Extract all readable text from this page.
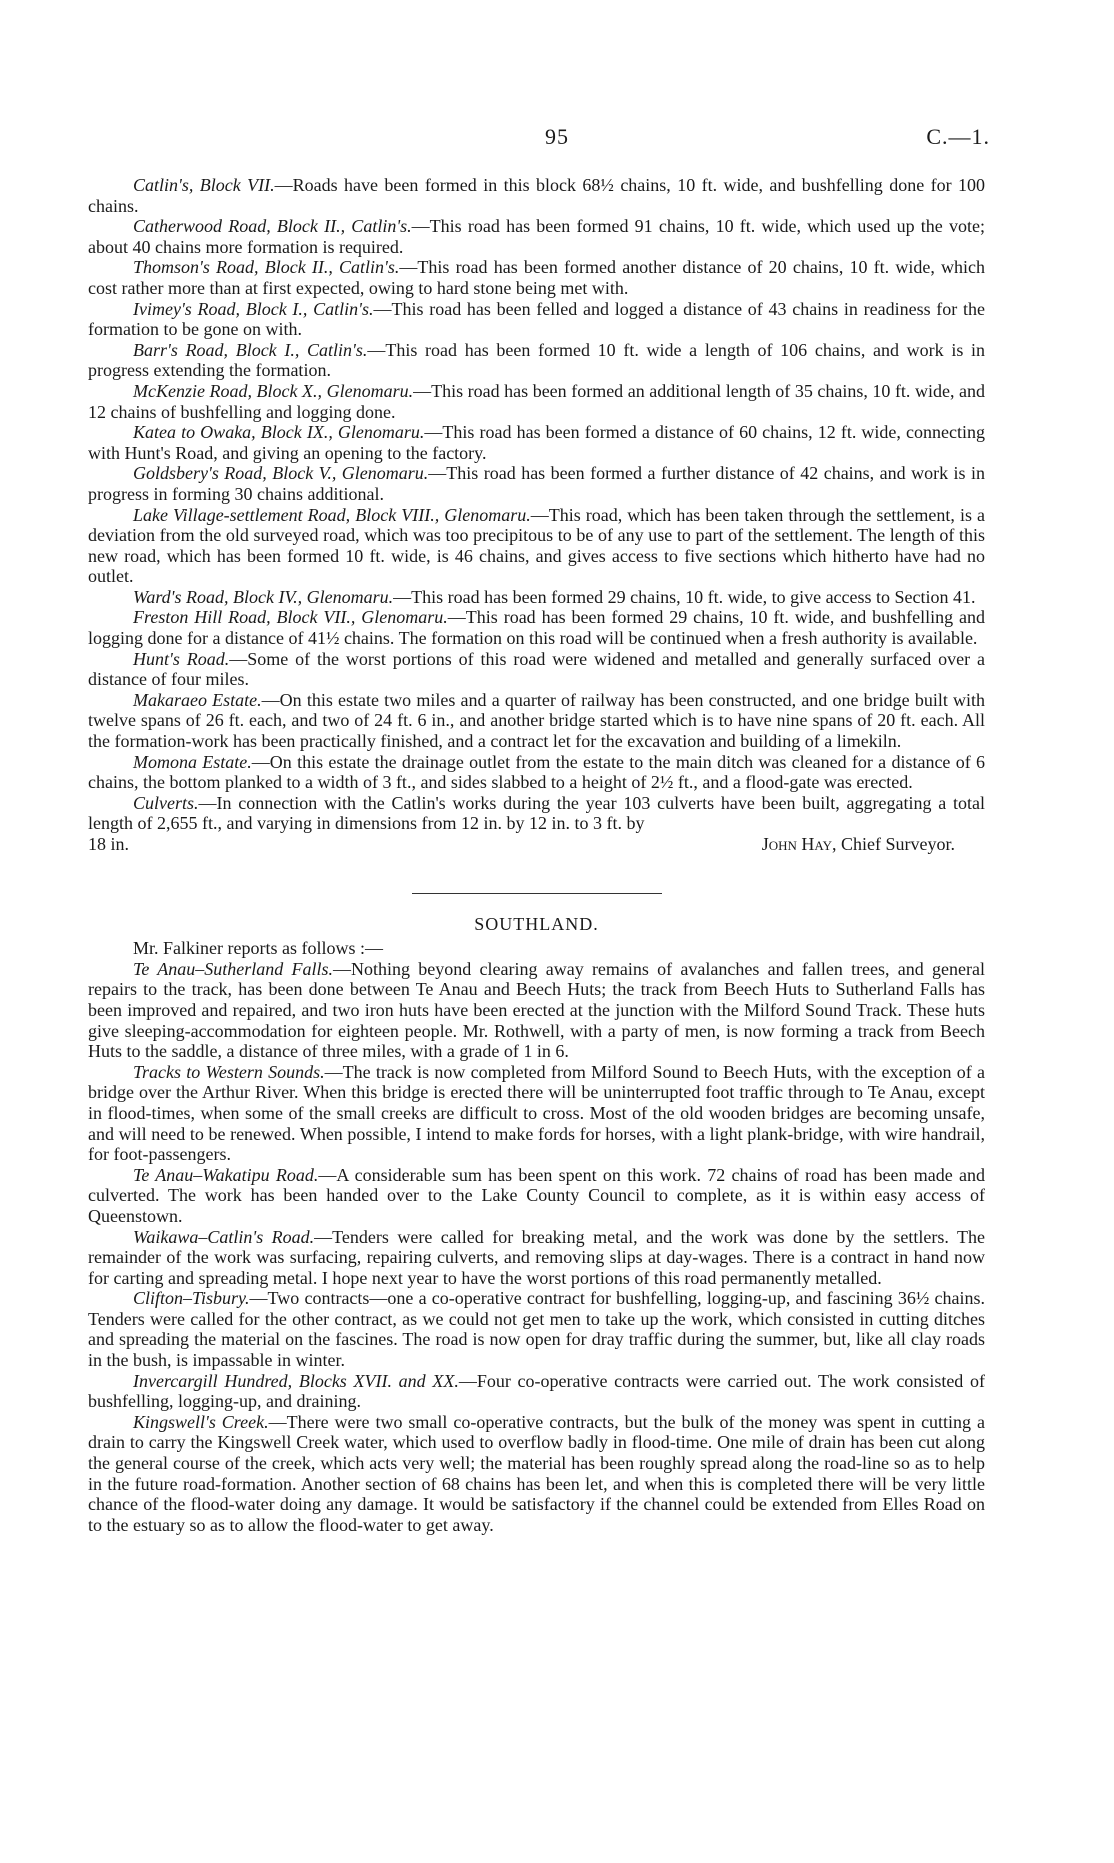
95	C.—1.

Catlin's, Block VII.—Roads have been formed in this block 68½ chains, 10 ft. wide, and bushfelling done for 100 chains.

Catherwood Road, Block II., Catlin's.—This road has been formed 91 chains, 10 ft. wide, which used up the vote; about 40 chains more formation is required.

Thomson's Road, Block II., Catlin's.—This road has been formed another distance of 20 chains, 10 ft. wide, which cost rather more than at first expected, owing to hard stone being met with.

Ivimey's Road, Block I., Catlin's.—This road has been felled and logged a distance of 43 chains in readiness for the formation to be gone on with.

Barr's Road, Block I., Catlin's.—This road has been formed 10 ft. wide a length of 106 chains, and work is in progress extending the formation.

McKenzie Road, Block X., Glenomaru.—This road has been formed an additional length of 35 chains, 10 ft. wide, and 12 chains of bushfelling and logging done.

Katea to Owaka, Block IX., Glenomaru.—This road has been formed a distance of 60 chains, 12 ft. wide, connecting with Hunt's Road, and giving an opening to the factory.

Goldsbery's Road, Block V., Glenomaru.—This road has been formed a further distance of 42 chains, and work is in progress in forming 30 chains additional.

Lake Village-settlement Road, Block VIII., Glenomaru.—This road, which has been taken through the settlement, is a deviation from the old surveyed road, which was too precipitous to be of any use to part of the settlement. The length of this new road, which has been formed 10 ft. wide, is 46 chains, and gives access to five sections which hitherto have had no outlet.

Ward's Road, Block IV., Glenomaru.—This road has been formed 29 chains, 10 ft. wide, to give access to Section 41.

Freston Hill Road, Block VII., Glenomaru.—This road has been formed 29 chains, 10 ft. wide, and bushfelling and logging done for a distance of 41½ chains. The formation on this road will be continued when a fresh authority is available.

Hunt's Road.—Some of the worst portions of this road were widened and metalled and generally surfaced over a distance of four miles.

Makaraeo Estate.—On this estate two miles and a quarter of railway has been constructed, and one bridge built with twelve spans of 26 ft. each, and two of 24 ft. 6 in., and another bridge started which is to have nine spans of 20 ft. each. All the formation-work has been practically finished, and a contract let for the excavation and building of a limekiln.

Momona Estate.—On this estate the drainage outlet from the estate to the main ditch was cleaned for a distance of 6 chains, the bottom planked to a width of 3 ft., and sides slabbed to a height of 2½ ft., and a flood-gate was erected.

Culverts.—In connection with the Catlin's works during the year 103 culverts have been built, aggregating a total length of 2,655 ft., and varying in dimensions from 12 in. by 12 in. to 3 ft. by

18 in.	John Hay, Chief Surveyor.

SOUTHLAND.

Mr. Falkiner reports as follows :—

Te Anau–Sutherland Falls.—Nothing beyond clearing away remains of avalanches and fallen trees, and general repairs to the track, has been done between Te Anau and Beech Huts; the track from Beech Huts to Sutherland Falls has been improved and repaired, and two iron huts have been erected at the junction with the Milford Sound Track. These huts give sleeping-accommodation for eighteen people. Mr. Rothwell, with a party of men, is now forming a track from Beech Huts to the saddle, a distance of three miles, with a grade of 1 in 6.

Tracks to Western Sounds.—The track is now completed from Milford Sound to Beech Huts, with the exception of a bridge over the Arthur River. When this bridge is erected there will be uninterrupted foot traffic through to Te Anau, except in flood-times, when some of the small creeks are difficult to cross. Most of the old wooden bridges are becoming unsafe, and will need to be renewed. When possible, I intend to make fords for horses, with a light plank-bridge, with wire handrail, for foot-passengers.

Te Anau–Wakatipu Road.—A considerable sum has been spent on this work. 72 chains of road has been made and culverted. The work has been handed over to the Lake County Council to complete, as it is within easy access of Queenstown.

Waikawa–Catlin's Road.—Tenders were called for breaking metal, and the work was done by the settlers. The remainder of the work was surfacing, repairing culverts, and removing slips at day-wages. There is a contract in hand now for carting and spreading metal. I hope next year to have the worst portions of this road permanently metalled.

Clifton–Tisbury.—Two contracts—one a co-operative contract for bushfelling, logging-up, and fascining 36½ chains. Tenders were called for the other contract, as we could not get men to take up the work, which consisted in cutting ditches and spreading the material on the fascines. The road is now open for dray traffic during the summer, but, like all clay roads in the bush, is impassable in winter.

Invercargill Hundred, Blocks XVII. and XX.—Four co-operative contracts were carried out. The work consisted of bushfelling, logging-up, and draining.

Kingswell's Creek.—There were two small co-operative contracts, but the bulk of the money was spent in cutting a drain to carry the Kingswell Creek water, which used to overflow badly in flood-time. One mile of drain has been cut along the general course of the creek, which acts very well; the material has been roughly spread along the road-line so as to help in the future road-formation. Another section of 68 chains has been let, and when this is completed there will be very little chance of the flood-water doing any damage. It would be satisfactory if the channel could be extended from Elles Road on to the estuary so as to allow the flood-water to get away.
